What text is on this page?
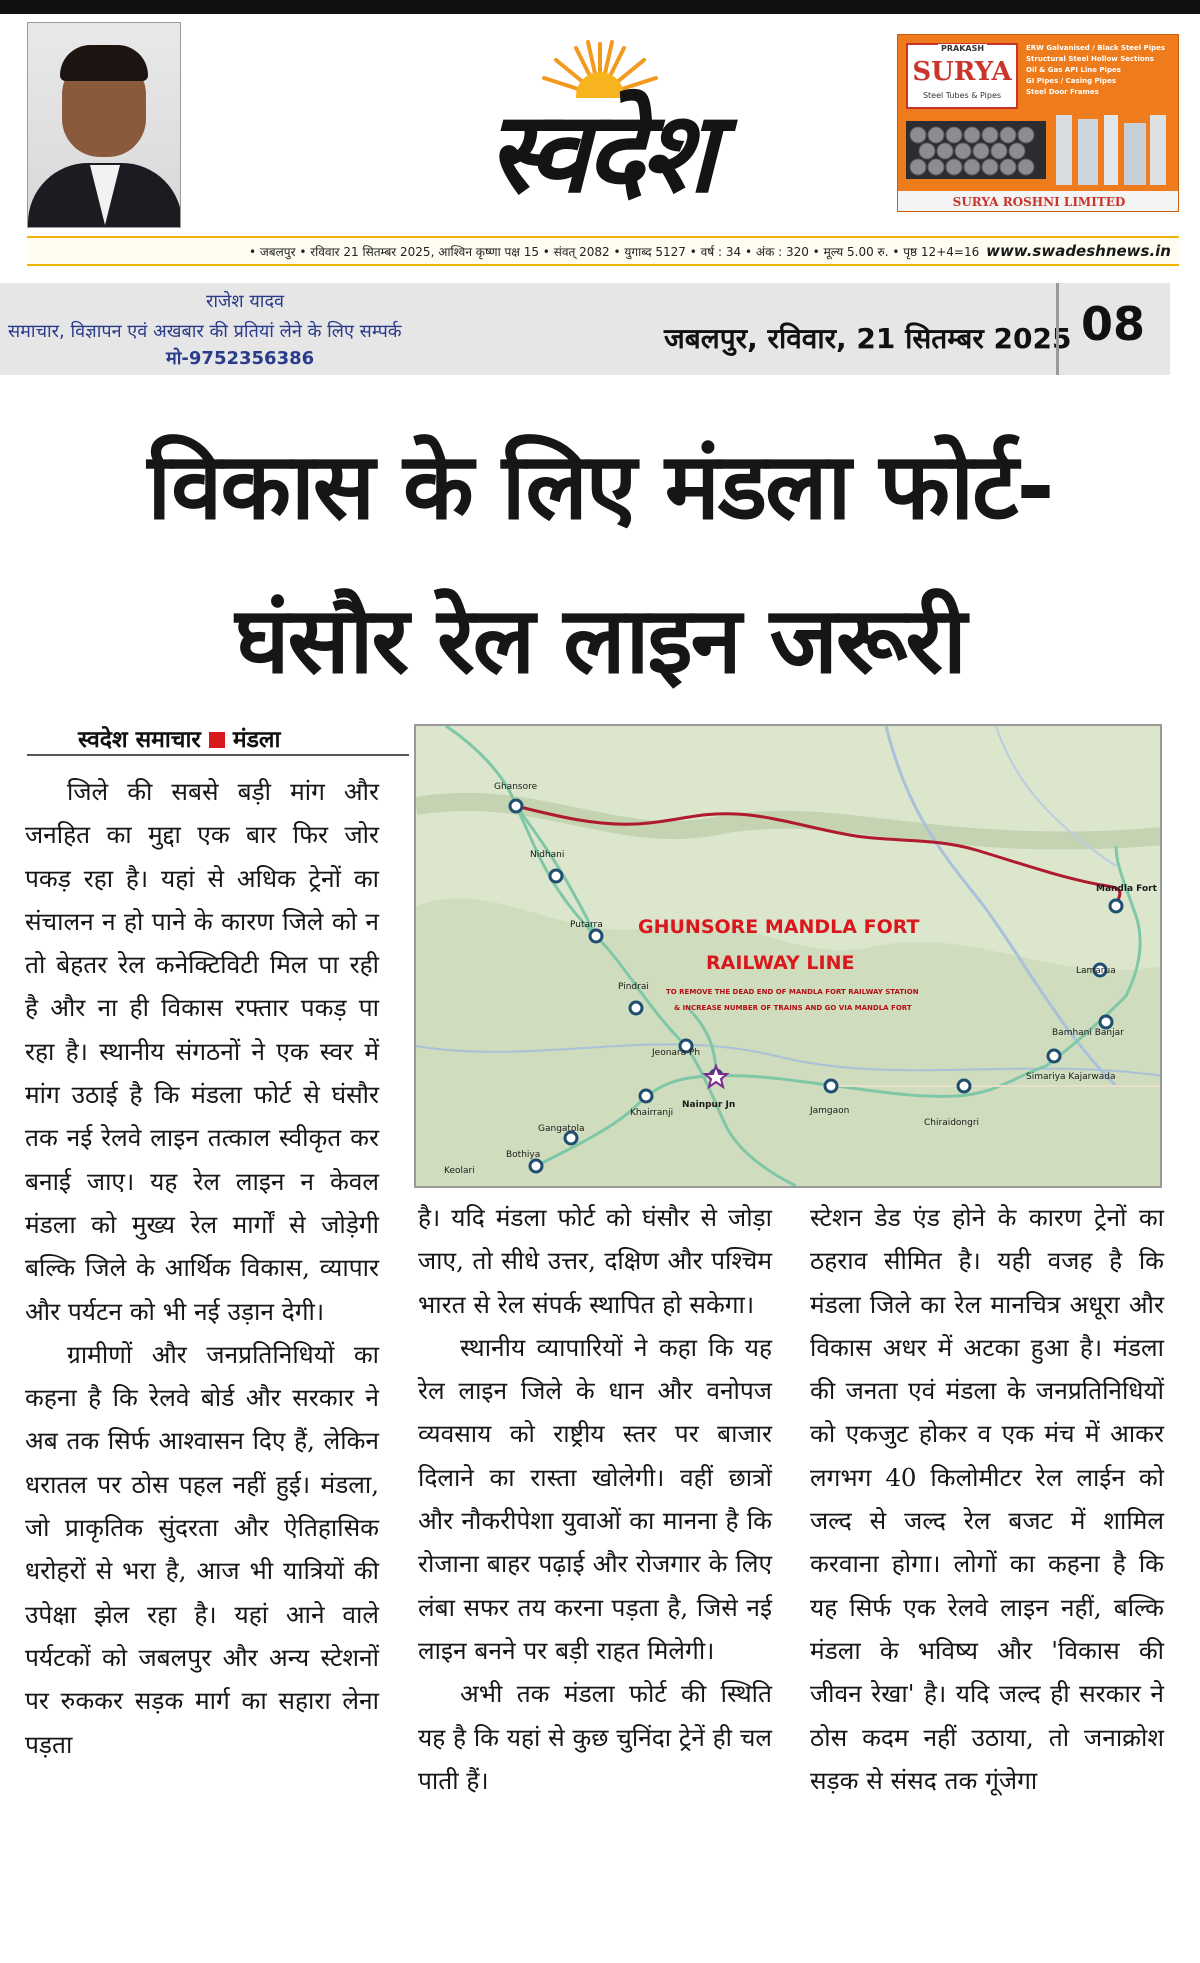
स्वदेश
PRAKASH
SURYA
Steel Tubes & Pipes
ERW Galvanised / Black Steel Pipes
Structural Steel Hollow Sections
Oil & Gas API Line Pipes
GI Pipes / Casing Pipes
Steel Door Frames
SURYA ROSHNI LIMITED
• जबलपुर • रविवार 21 सितम्बर 2025, आश्विन कृष्णा पक्ष 15 • संवत् 2082 • युगाब्द 5127 • वर्ष : 34 • अंक : 320 • मूल्य 5.00 रु. • पृष्ठ 12+4=16 www.swadeshnews.in
राजेश यादव
समाचार, विज्ञापन एवं अखबार की प्रतियां लेने के लिए सम्पर्क
मो-9752356386
जबलपुर, रविवार, 21 सितम्बर 2025 08
विकास के लिए मंडला फोर्ट-
घंसौर रेल लाइन जरूरी
स्वदेश समाचार मंडला

जिले की सबसे बड़ी मांग और जनहित का मुद्दा एक बार फिर जोर पकड़ रहा है। यहां से अधिक ट्रेनों का संचालन न हो पाने के कारण जिले को न तो बेहतर रेल कनेक्टिविटी मिल पा रही है और ना ही विकास रफ्तार पकड़ पा रहा है। स्थानीय संगठनों ने एक स्वर में मांग उठाई है कि मंडला फोर्ट से घंसौर तक नई रेलवे लाइन तत्काल स्वीकृत कर बनाई जाए। यह रेल लाइन न केवल मंडला को मुख्य रेल मार्गों से जोड़ेगी बल्कि जिले के आर्थिक विकास, व्यापार और पर्यटन को भी नई उड़ान देगी।

ग्रामीणों और जनप्रतिनिधियों का कहना है कि रेलवे बोर्ड और सरकार ने अब तक सिर्फ आश्वासन दिए हैं, लेकिन धरातल पर ठोस पहल नहीं हुई। मंडला, जो प्राकृतिक सुंदरता और ऐतिहासिक धरोहरों से भरा है, आज भी यात्रियों की उपेक्षा झेल रहा है। यहां आने वाले पर्यटकों को जबलपुर और अन्य स्टेशनों पर रुककर सड़क मार्ग का सहारा लेना पड़ता

GHUNSORE MANDLA FORT
RAILWAY LINE
TO REMOVE THE DEAD END OF MANDLA FORT RAILWAY STATION
& INCREASE NUMBER OF TRAINS AND GO VIA MANDLA FORT
Ghansore
Nidhani
Putarra
Pindrai
Jeonara Ph
Nainpur Jn
Khairranji
Gangatola
Bothiya
Keolari
Jamgaon
Chiraidongri
Simariya Kajarwada
Bamhani Banjar
Lamarua
Mandla Fort

है। यदि मंडला फोर्ट को घंसौर से जोड़ा जाए, तो सीधे उत्तर, दक्षिण और पश्चिम भारत से रेल संपर्क स्थापित हो सकेगा।

स्थानीय व्यापारियों ने कहा कि यह रेल लाइन जिले के धान और वनोपज व्यवसाय को राष्ट्रीय स्तर पर बाजार दिलाने का रास्ता खोलेगी। वहीं छात्रों और नौकरीपेशा युवाओं का मानना है कि रोजाना बाहर पढ़ाई और रोजगार के लिए लंबा सफर तय करना पड़ता है, जिसे नई लाइन बनने पर बड़ी राहत मिलेगी।

अभी तक मंडला फोर्ट की स्थिति यह है कि यहां से कुछ चुनिंदा ट्रेनें ही चल पाती हैं।

स्टेशन डेड एंड होने के कारण ट्रेनों का ठहराव सीमित है। यही वजह है कि मंडला जिले का रेल मानचित्र अधूरा और विकास अधर में अटका हुआ है। मंडला की जनता एवं मंडला के जनप्रतिनिधियों को एकजुट होकर व एक मंच में आकर लगभग 40 किलोमीटर रेल लाईन को जल्द से जल्द रेल बजट में शामिल करवाना होगा। लोगों का कहना है कि यह सिर्फ एक रेलवे लाइन नहीं, बल्कि मंडला के भविष्य और 'विकास की जीवन रेखा' है। यदि जल्द ही सरकार ने ठोस कदम नहीं उठाया, तो जनाक्रोश सड़क से संसद तक गूंजेगा
